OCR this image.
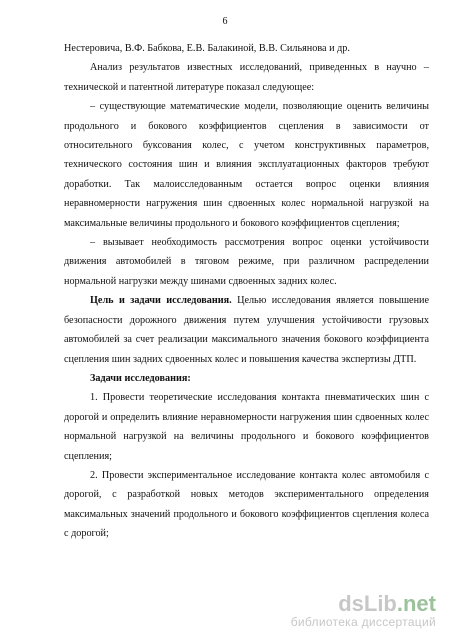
6

Нестеровича, В.Ф. Бабкова, Е.В. Балакиной, В.В. Сильянова и др.

Анализ результатов известных исследований, приведенных в научно – технической и патентной литературе показал следующее:

– существующие математические модели, позволяющие оценить величины продольного и бокового коэффициентов сцепления в зависимости от относительного буксования колес, с учетом конструктивных параметров, технического состояния шин и влияния эксплуатационных факторов требуют доработки. Так малоисследованным остается вопрос оценки влияния неравномерности нагружения шин сдвоенных колес нормальной нагрузкой на максимальные величины продольного и бокового коэффициентов сцепления;

– вызывает необходимость рассмотрения вопрос оценки устойчивости движения автомобилей в тяговом режиме, при различном распределении нормальной нагрузки между шинами сдвоенных задних колес.

Цель и задачи исследования. Целью исследования является повышение безопасности дорожного движения путем улучшения устойчивости грузовых автомобилей за счет реализации максимального значения бокового коэффициента сцепления шин задних сдвоенных колес и повышения качества экспертизы ДТП.

Задачи исследования:

1. Провести теоретические исследования контакта пневматических шин с дорогой и определить влияние неравномерности нагружения шин сдвоенных колес нормальной нагрузкой на величины продольного и бокового коэффициентов сцепления;

2. Провести экспериментальное исследование контакта колес автомобиля с дорогой, с разработкой новых методов экспериментального определения максимальных значений продольного и бокового коэффициентов сцепления колеса с дорогой;

dsLib.net
библиотека диссертаций
